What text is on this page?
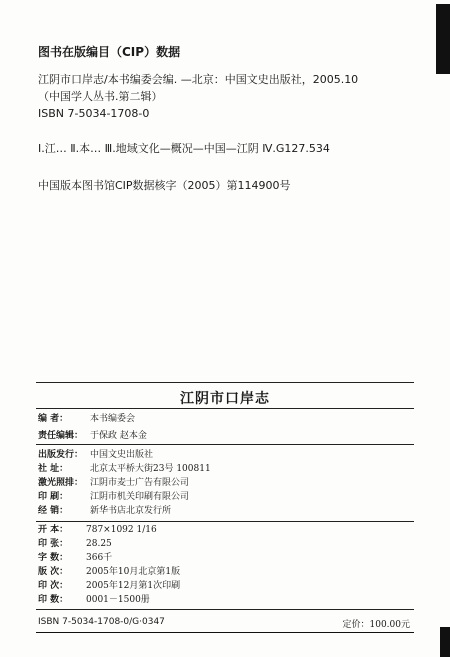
图书在版编目（CIP）数据
江阴市口岸志/本书编委会编. —北京：中国文史出版社，2005.10
（中国学人丛书.第二辑）
ISBN 7-5034-1708-0
Ⅰ.江… Ⅱ.本… Ⅲ.地域文化—概况—中国—江阴 Ⅳ.G127.534
中国版本图书馆CIP数据核字（2005）第114900号
江阴市口岸志
编 者：	本书编委会
责任编辑： 于保政 赵本金
出版发行： 中国文史出版社
社 址：	北京太平桥大街23号 100811
激光照排： 江阴市麦士广告有限公司
印 刷：	江阴市机关印刷有限公司
经 销：	新华书店北京发行所
开 本：	787×1092 1/16
印 张：	28.25
字 数：	366千
版 次：	2005年10月北京第1版
印 次：	2005年12月第1次印刷
印 数：	0001－1500册
ISBN 7-5034-1708-0/G·0347	定价：100.00元
